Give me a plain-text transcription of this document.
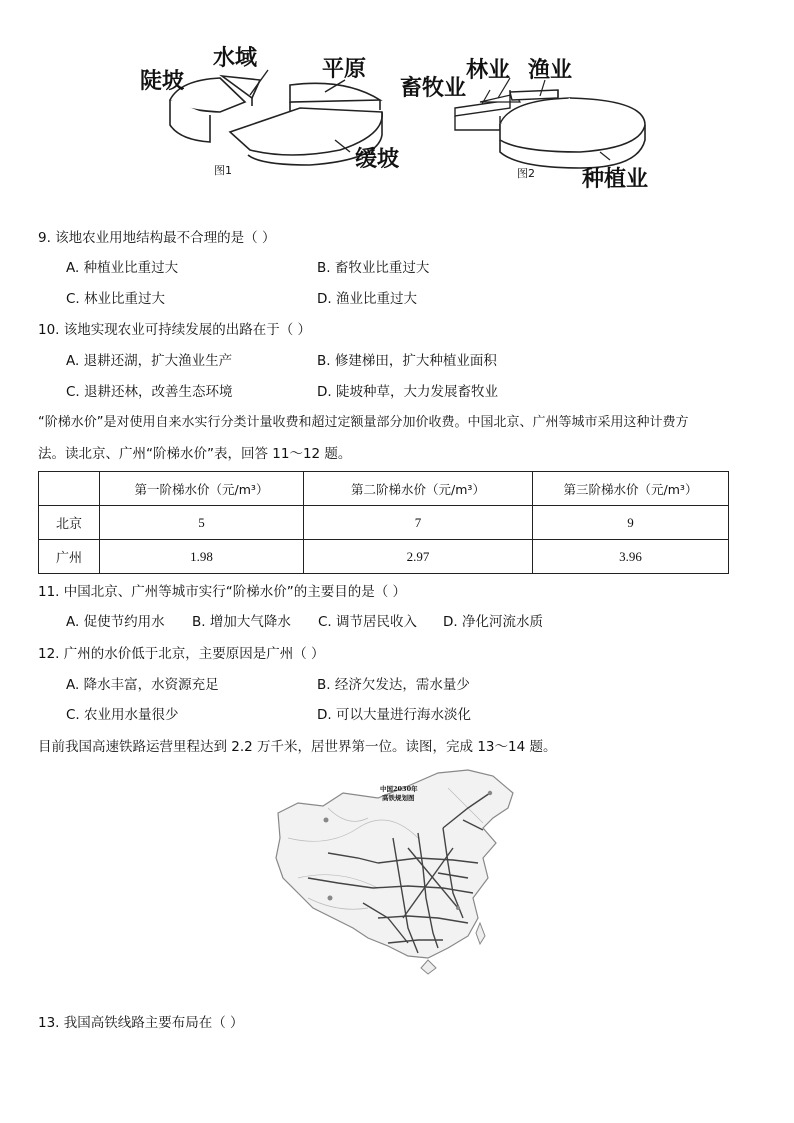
陡坡
水域	平原
缓坡
图1
畜牧业
林业 渔业
种植业
图2
9. 该地农业用地结构最不合理的是（ ）
A. 种植业比重过大	B. 畜牧业比重过大
C. 林业比重过大	D. 渔业比重过大
10. 该地实现农业可持续发展的出路在于（ ）
A. 退耕还湖，扩大渔业生产	B. 修建梯田，扩大种植业面积
C. 退耕还林，改善生态环境	D. 陡坡种草，大力发展畜牧业
“阶梯水价”是对使用自来水实行分类计量收费和超过定额量部分加价收费。中国北京、广州等城市采用这种计费方
法。读北京、广州“阶梯水价”表，回答 11～12 题。
	第一阶梯水价（元/m³）	第二阶梯水价（元/m³）	第三阶梯水价（元/m³）
北京	5	7	9
广州	1.98	2.97	3.96
11. 中国北京、广州等城市实行“阶梯水价”的主要目的是（ ）
A. 促使节约用水 B. 增加大气降水 C. 调节居民收入 D. 净化河流水质
12. 广州的水价低于北京，主要原因是广州（ ）
A. 降水丰富，水资源充足	B. 经济欠发达，需水量少
C. 农业用水量很少	D. 可以大量进行海水淡化
目前我国高速铁路运营里程达到 2.2 万千米，居世界第一位。读图，完成 13～14 题。
中国2030年
高铁规划图
13. 我国高铁线路主要布局在（ ）
